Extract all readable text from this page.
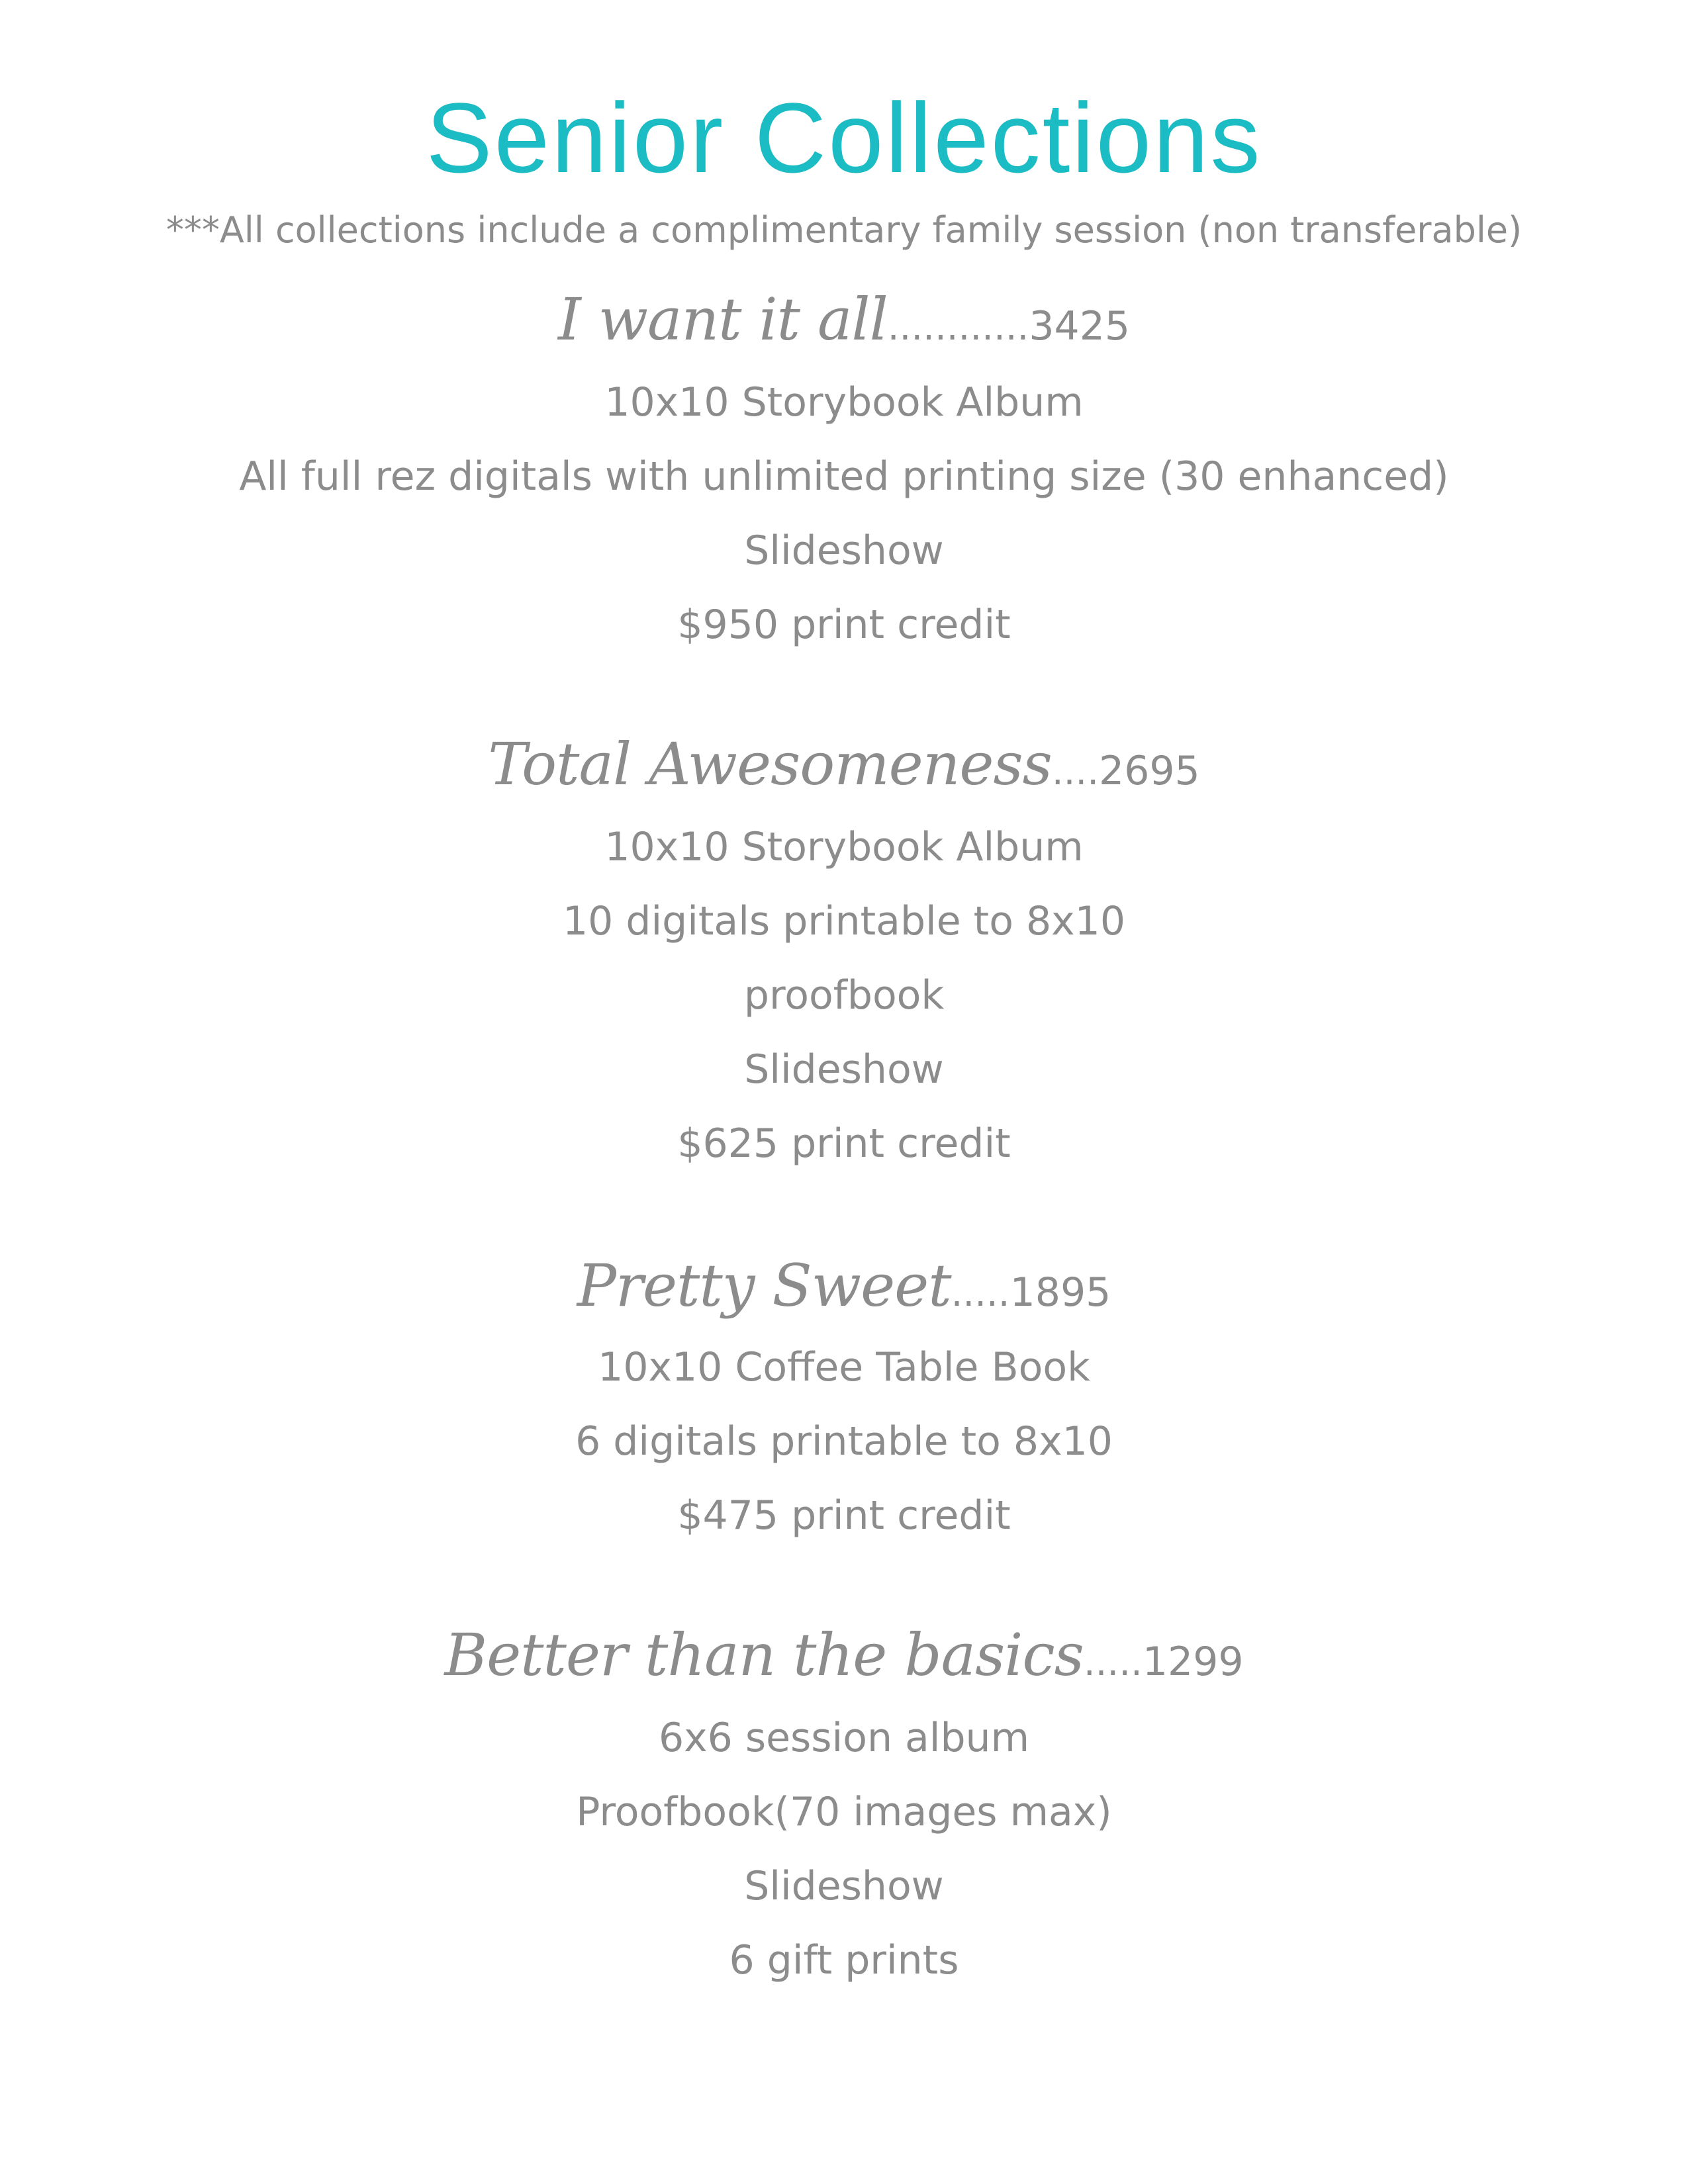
Senior Collections
***All collections include a complimentary family session (non transferable)
I want it all............3425
10x10 Storybook Album
All full rez digitals with unlimited printing size (30 enhanced)
Slideshow
$950 print credit
Total Awesomeness....2695
10x10 Storybook Album
10 digitals printable to 8x10
proofbook
Slideshow
$625 print credit
Pretty Sweet.....1895
10x10 Coffee Table Book
6 digitals printable to 8x10
$475 print credit
Better than the basics.....1299
6x6 session album
Proofbook(70 images max)
Slideshow
6 gift prints
